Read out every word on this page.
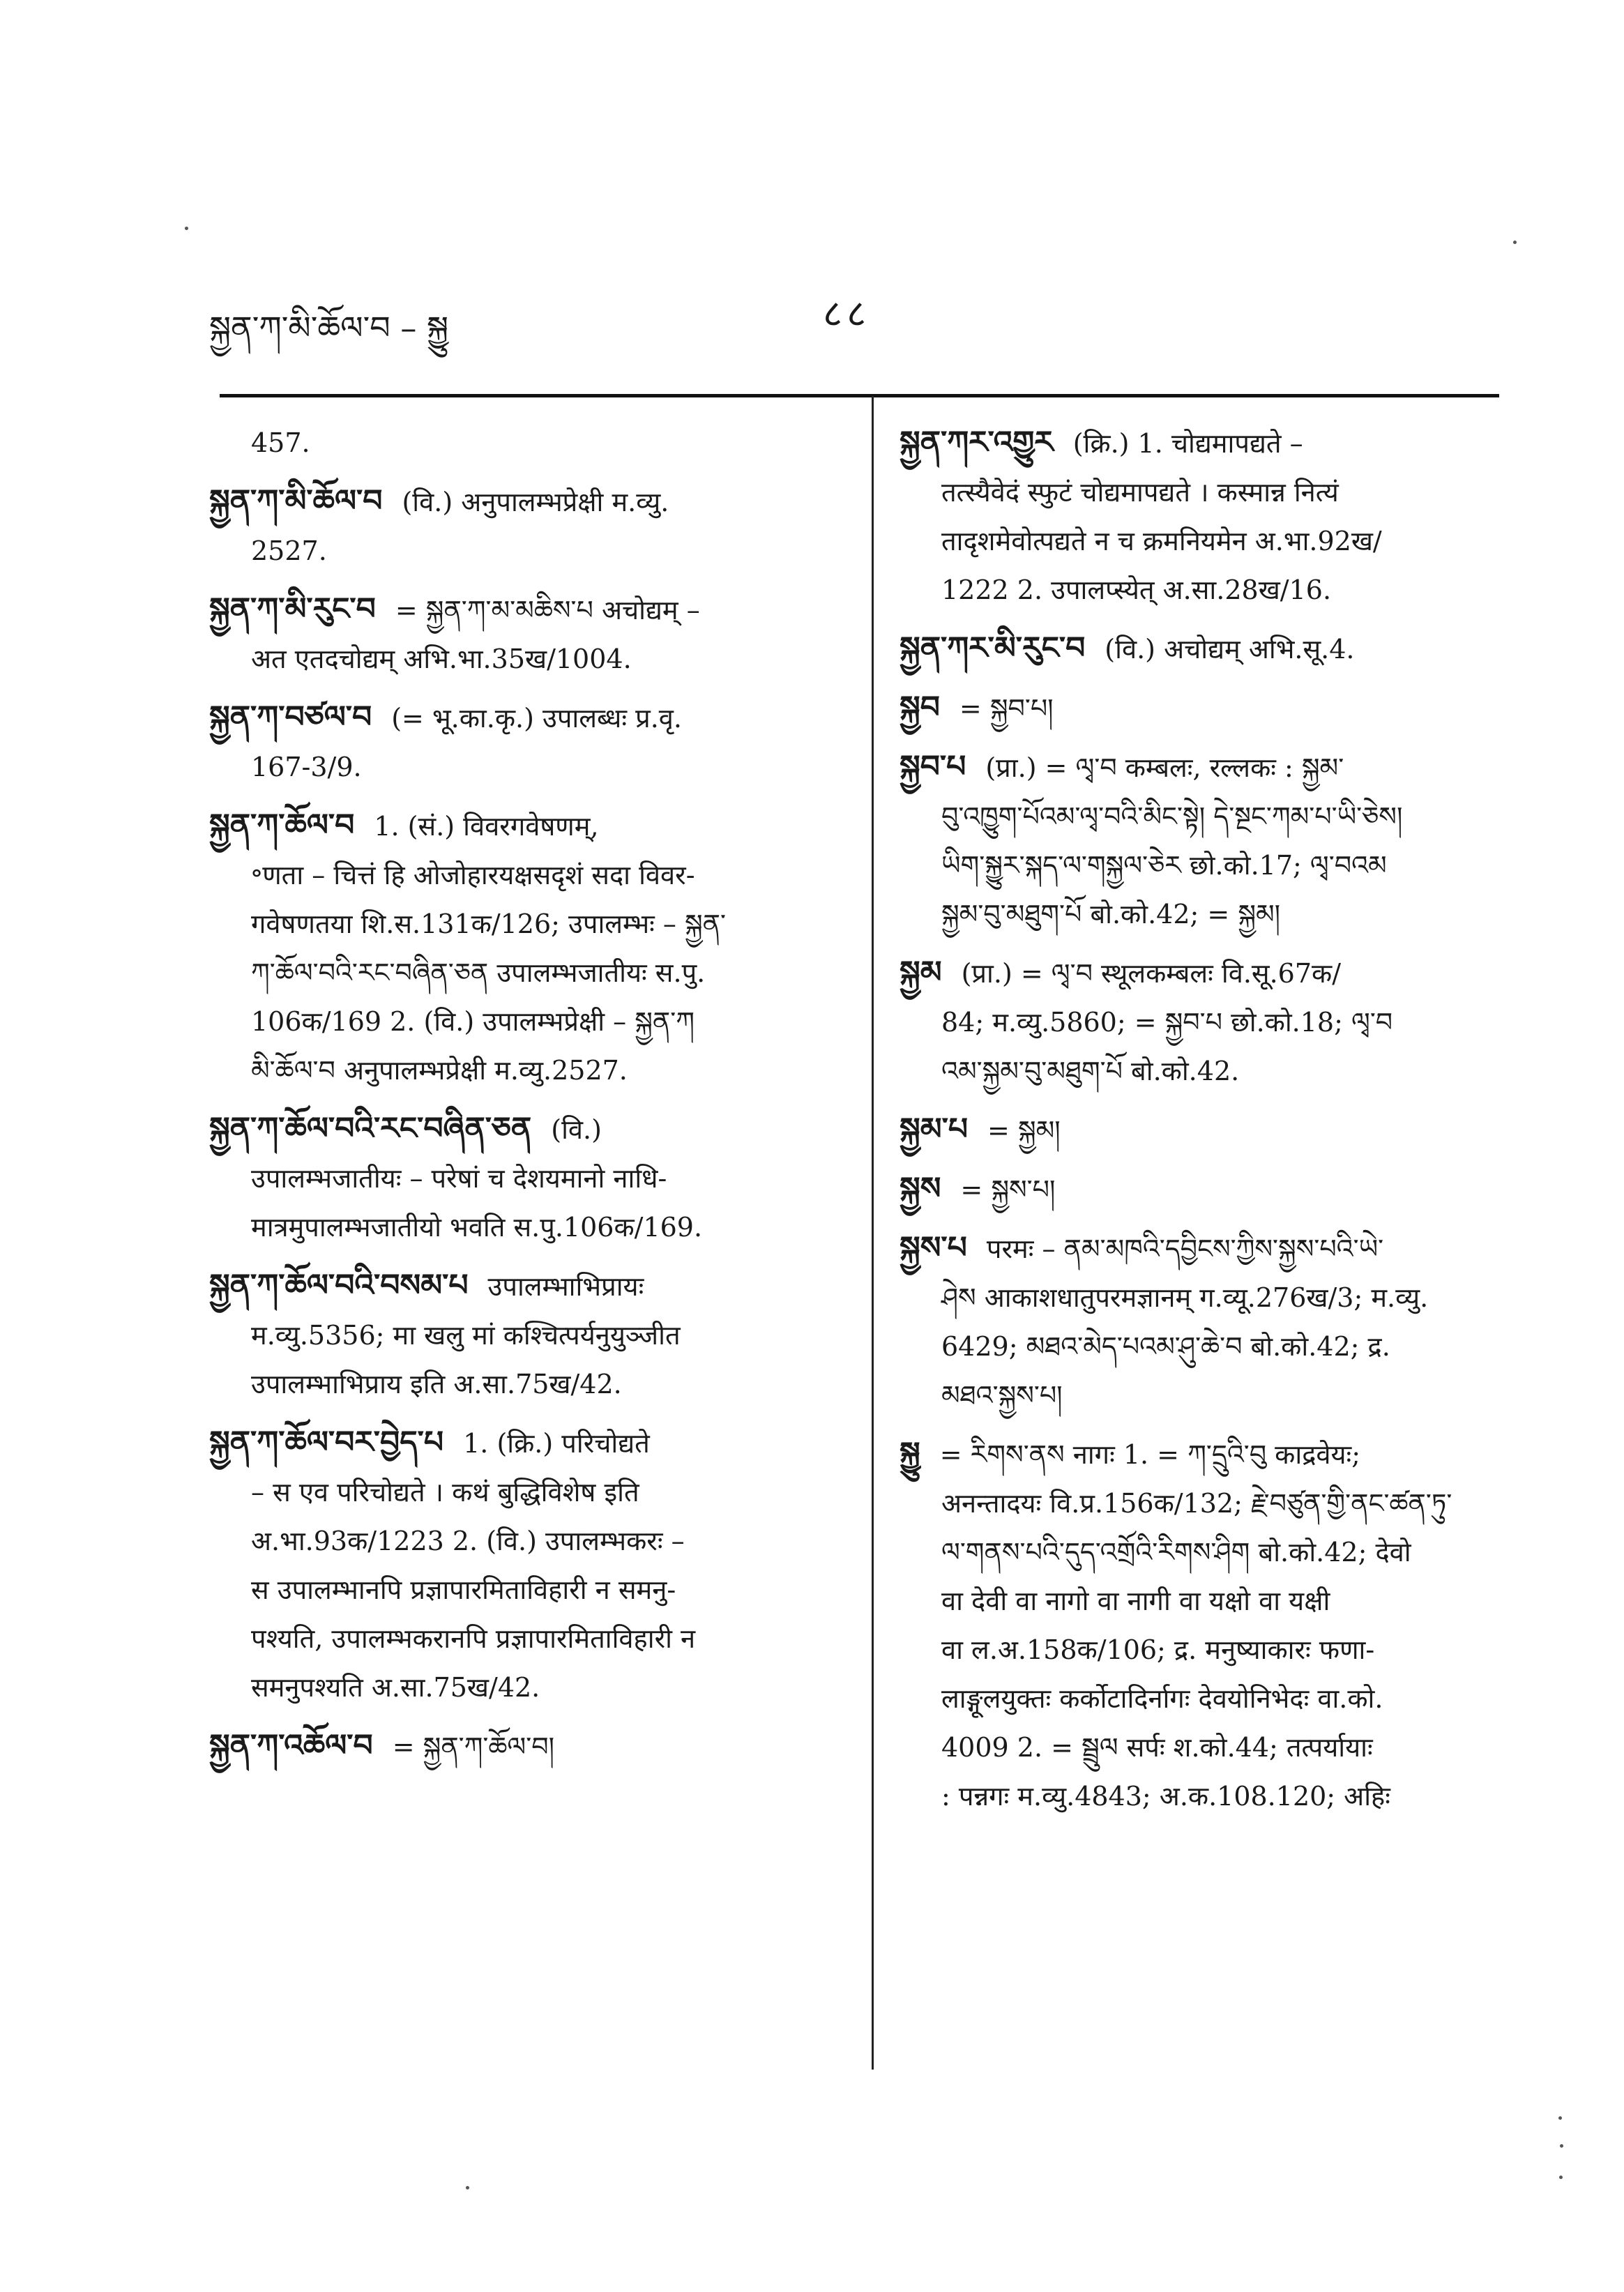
སྐྱན་ཀ་མི་ཆོལ་བ – སྐྱུ	८८

457.

སྐྱན་ཀ་མི་ཆོལ་བ (वि.) अनुपालम्भप्रेक्षी म.व्यु.

2527.

སྐྱན་ཀ་མི་རུང་བ = སྐྱན་ཀ་མ་མཆིས་པ अचोद्यम् –

अत एतदचोद्यम् अभि.भा.35ख/1004.

སྐྱན་ཀ་བཙལ་བ (= भू.का.कृ.) उपालब्धः प्र.वृ.

167-3/9.

སྐྱན་ཀ་ཆོལ་བ 1. (सं.) विवरगवेषणम्,

॰णता – चित्तं हि ओजोहारयक्षसदृशं सदा विवर-

गवेषणतया शि.स.131क/126; उपालम्भः – སྐྱན་

ཀ་ཆོལ་བའི་རང་བཞིན་ཅན उपालम्भजातीयः स.पु.

106क/169 2. (वि.) उपालम्भप्रेक्षी – སྐྱན་ཀ

མི་ཆོལ་བ अनुपालम्भप्रेक्षी म.व्यु.2527.

སྐྱན་ཀ་ཆོལ་བའི་རང་བཞིན་ཅན (वि.)

उपालम्भजातीयः – परेषां च देशयमानो नाधि-

मात्रमुपालम्भजातीयो भवति स.पु.106क/169.

སྐྱན་ཀ་ཆོལ་བའི་བསམ་པ उपालम्भाभिप्रायः

म.व्यु.5356; मा खलु मां कश्चित्पर्यनुयुञ्जीत

उपालम्भाभिप्राय इति अ.सा.75ख/42.

སྐྱན་ཀ་ཆོལ་བར་བྱེད་པ 1. (क्रि.) परिचोद्यते

– स एव परिचोद्यते । कथं बुद्धिविशेष इति

अ.भा.93क/1223 2. (वि.) उपालम्भकरः –

स उपालम्भानपि प्रज्ञापारमिताविहारी न समनु-

पश्यति, उपालम्भकरानपि प्रज्ञापारमिताविहारी न

समनुपश्यति अ.सा.75ख/42.

སྐྱན་ཀ་འཆོལ་བ = སྐྱན་ཀ་ཆོལ་བ།

སྐྱན་ཀར་འགྱུར (क्रि.) 1. चोद्यमापद्यते –

तत्स्यैवेदं स्फुटं चोद्यमापद्यते । कस्मान्न नित्यं

तादृशमेवोत्पद्यते न च क्रमनियमेन अ.भा.92ख/

1222 2. उपालप्स्येत् अ.सा.28ख/16.

སྐྱན་ཀར་མི་རུང་བ (वि.) अचोद्यम् अभि.सू.4.

སྐྱབ = སྐྱབ་པ།

སྐྱབ་པ (प्रा.) = ལྭ་བ कम्बलः, रल्लकः : སྐྱམ་

བུ་འཁྱུག་པོའམ་ལྭ་བའི་མིང་སྟེ། དེ་སྔང་ཀམ་པ་ཡི་ཅེས།

ཡིག་སྐྱུར་སྐད་ལ་གསྐྱལ་ཅེར छो.को.17; ལྭ་བའམ

སྐྱམ་བུ་མཐུག་པོ बो.को.42; = སྐྱམ།

སྐྱམ (प्रा.) = ལྭ་བ स्थूलकम्बलः वि.सू.67क/

84; म.व्यु.5860; = སྐྱབ་པ छो.को.18; ལྭ་བ

འམ་སྐྱམ་བུ་མཐུག་པོ बो.को.42.

སྐྱམ་པ = སྐྱམ།

སྐྱས = སྐྱས་པ།

སྐྱས་པ परमः – ནམ་མཁའི་དབྱིངས་ཀྱིས་སྐྱས་པའི་ཡེ་

ཤེས आकाशधातुपरमज्ञानम् ग.व्यू.276ख/3; म.व्यु.

6429; མཐའ་མེད་པའམ་ཤུ་ཆེ་བ बो.को.42; द्र.

མཐའ་སྐྱས་པ།

སྐྱུ = རིགས་ནས नागः 1. = ཀ་དྲུའི་བུ काद्रवेयः;

अनन्तादयः वि.प्र.156क/132; རྗེ་བཙུན་གྱི་ནང་ཚན་ཏུ་

ལ་གནས་པའི་དུད་འགྲོའི་རིགས་ཤིག बो.को.42; देवो

वा देवी वा नागो वा नागी वा यक्षो वा यक्षी

वा ल.अ.158क/106; द्र. मनुष्याकारः फणा-

लाङ्गूलयुक्तः कर्कोटादिर्नागः देवयोनिभेदः वा.को.

4009 2. = སྦྲུལ सर्पः श.को.44; तत्पर्यायाः

: पन्नगः म.व्यु.4843; अ.क.108.120; अहिः
